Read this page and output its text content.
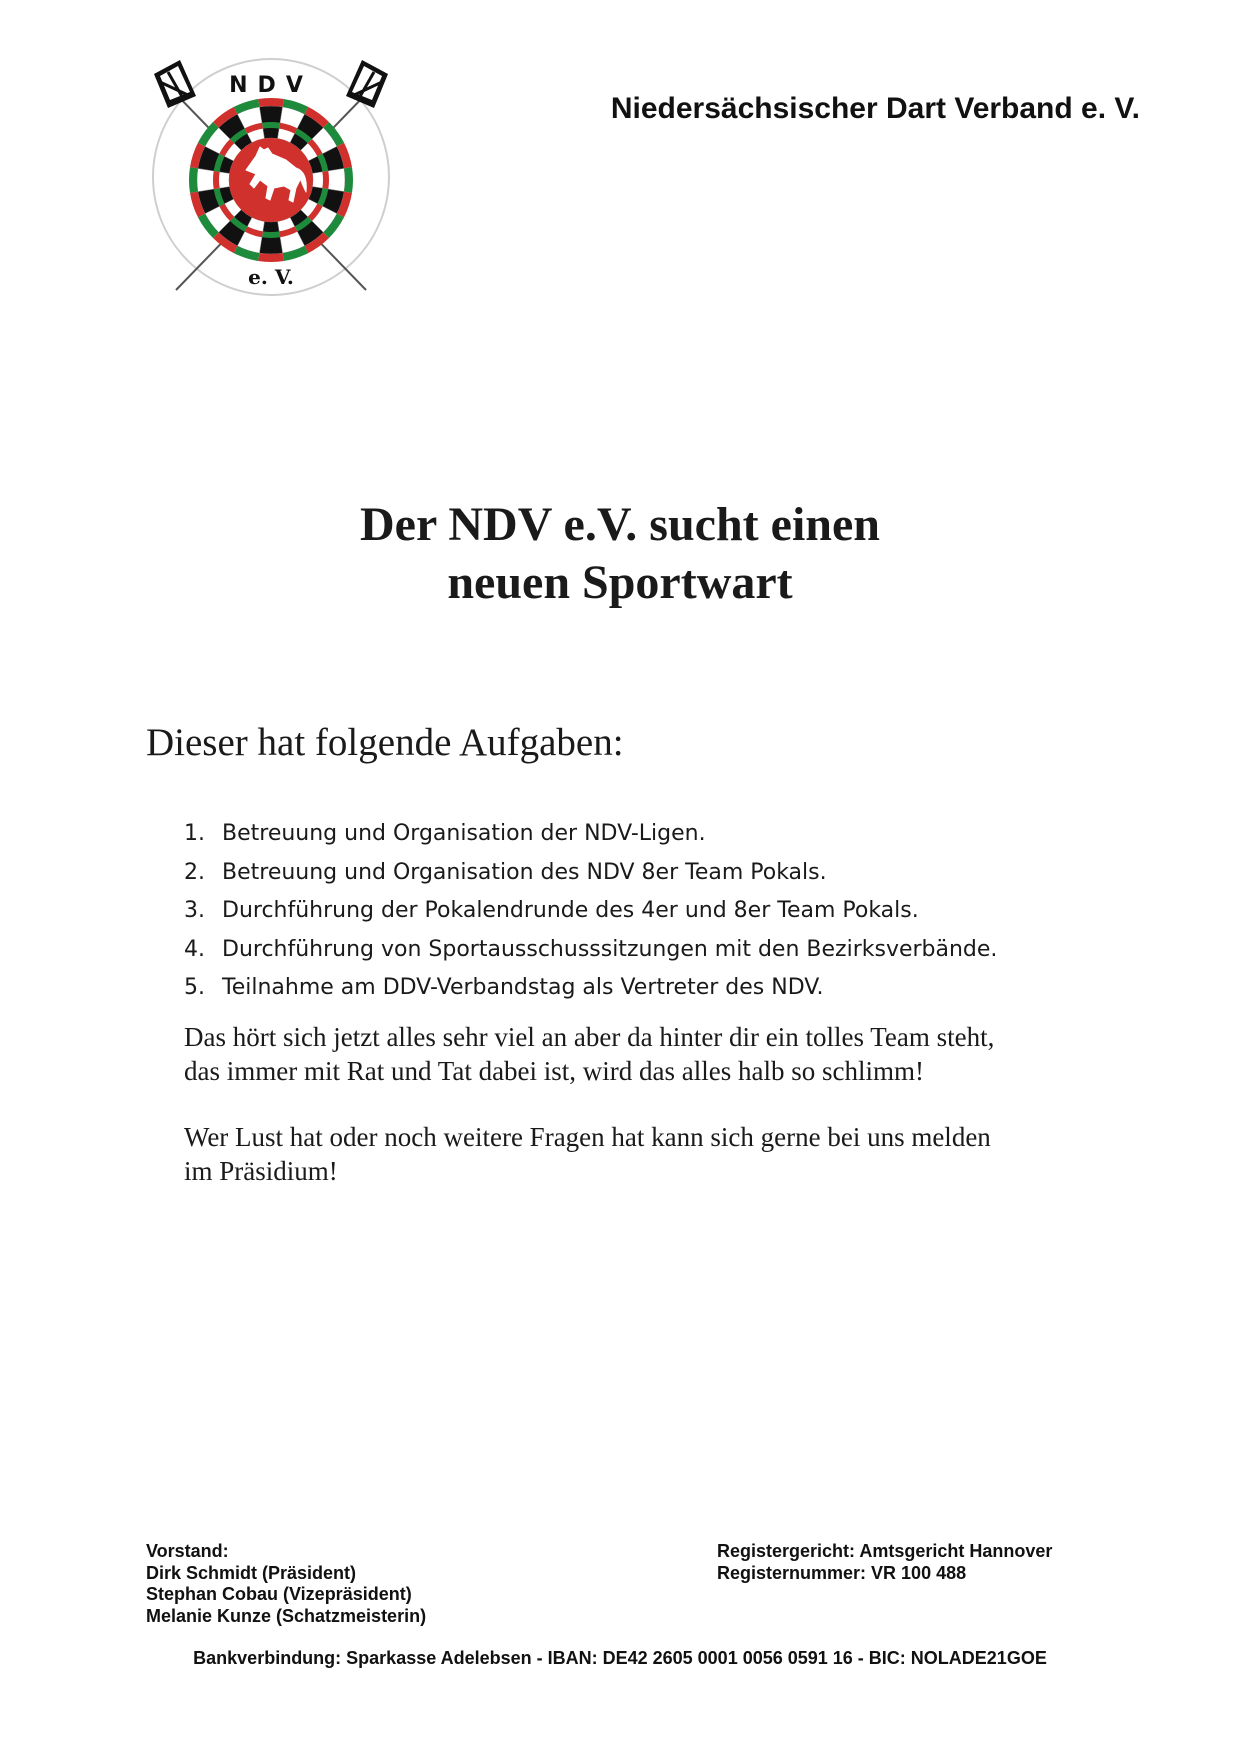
NDV
e. V.
Niedersächsischer Dart Verband e. V.
Der NDV e.V. sucht einen
neuen Sportwart
Dieser hat folgende Aufgaben:
1. Betreuung und Organisation der NDV-Ligen.
2. Betreuung und Organisation des NDV 8er Team Pokals.
3. Durchführung der Pokalendrunde des 4er und 8er Team Pokals.
4. Durchführung von Sportausschusssitzungen mit den Bezirksverbände.
5. Teilnahme am DDV-Verbandstag als Vertreter des NDV.
Das hört sich jetzt alles sehr viel an aber da hinter dir ein tolles Team steht,
das immer mit Rat und Tat dabei ist, wird das alles halb so schlimm!
Wer Lust hat oder noch weitere Fragen hat kann sich gerne bei uns melden
im Präsidium!
Vorstand:
Dirk Schmidt (Präsident)
Stephan Cobau (Vizepräsident)
Melanie Kunze (Schatzmeisterin)
Registergericht: Amtsgericht Hannover
Registernummer: VR 100 488
Bankverbindung: Sparkasse Adelebsen - IBAN: DE42 2605 0001 0056 0591 16 - BIC: NOLADE21GOE
